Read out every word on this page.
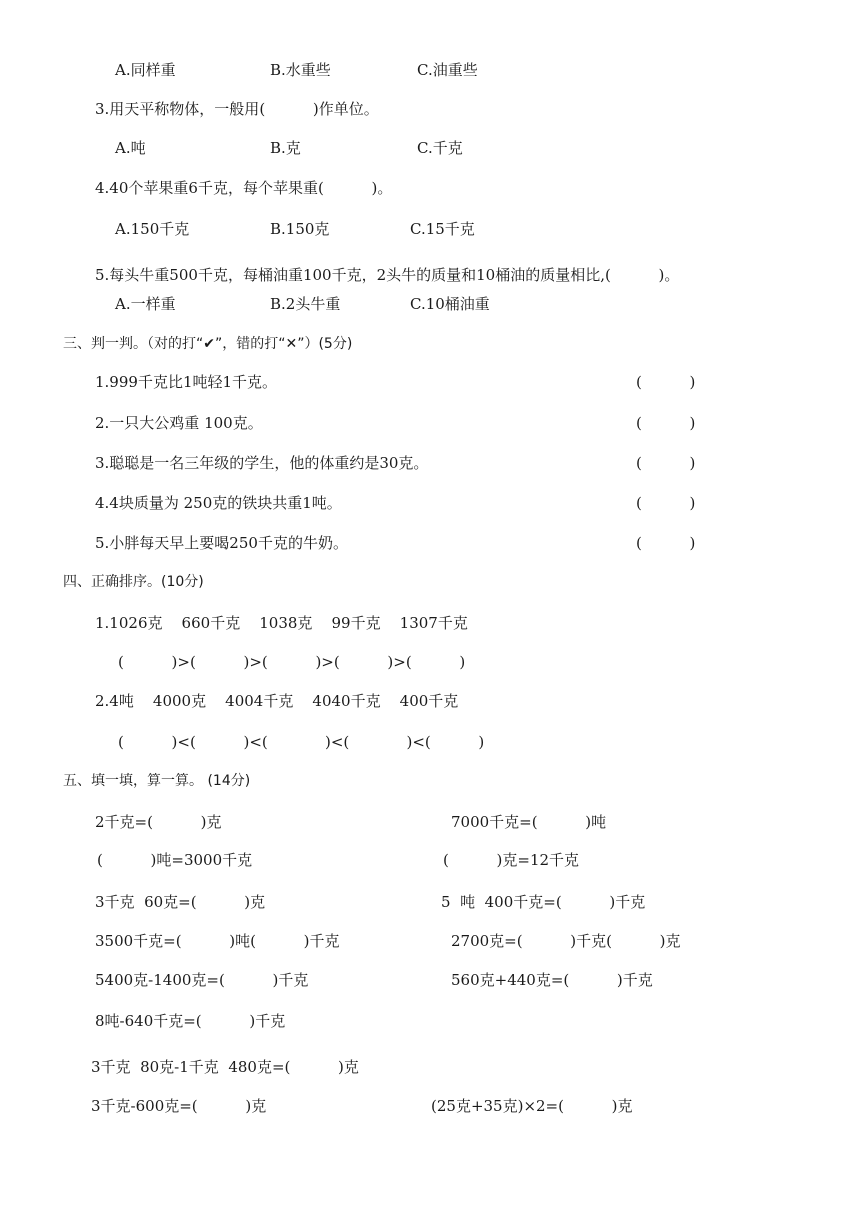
A.同样重	B.水重些	C.油重些
3.用天平称物体，一般用(          )作单位。
A.吨	B.克	C.千克
4.40个苹果重6千克，每个苹果重(          )。
A.150千克	B.150克	C.15千克
5.每头牛重500千克，每桶油重100千克，2头牛的质量和10桶油的质量相比,(          )。
A.一样重	B.2头牛重	C.10桶油重
三、判一判。（对的打“✔”，错的打“✕”）(5分)
1.999千克比1吨轻1千克。	(          )
2.一只大公鸡重 100克。	(          )
3.聪聪是一名三年级的学生，他的体重约是30克。	(          )
4.4块质量为 250克的铁块共重1吨。	(          )
5.小胖每天早上要喝250千克的牛奶。	(          )
四、正确排序。(10分)
1.1026克    660千克    1038克    99千克    1307千克
(          )>(          )>(          )>(          )>(          )
2.4吨    4000克    4004千克    4040千克    400千克
(          )<(          )<(            )<(            )<(          )
五、填一填，算一算。 (14分)
2千克=(          )克	7000千克=(          )吨
(          )吨=3000千克	(          )克=12千克
3千克  60克=(          )克	5  吨  400千克=(          )千克
3500千克=(          )吨(          )千克	2700克=(          )千克(          )克
5400克-1400克=(          )千克	560克+440克=(          )千克
8吨-640千克=(          )千克
3千克  80克-1千克  480克=(          )克
3千克-600克=(          )克	(25克+35克)×2=(          )克
